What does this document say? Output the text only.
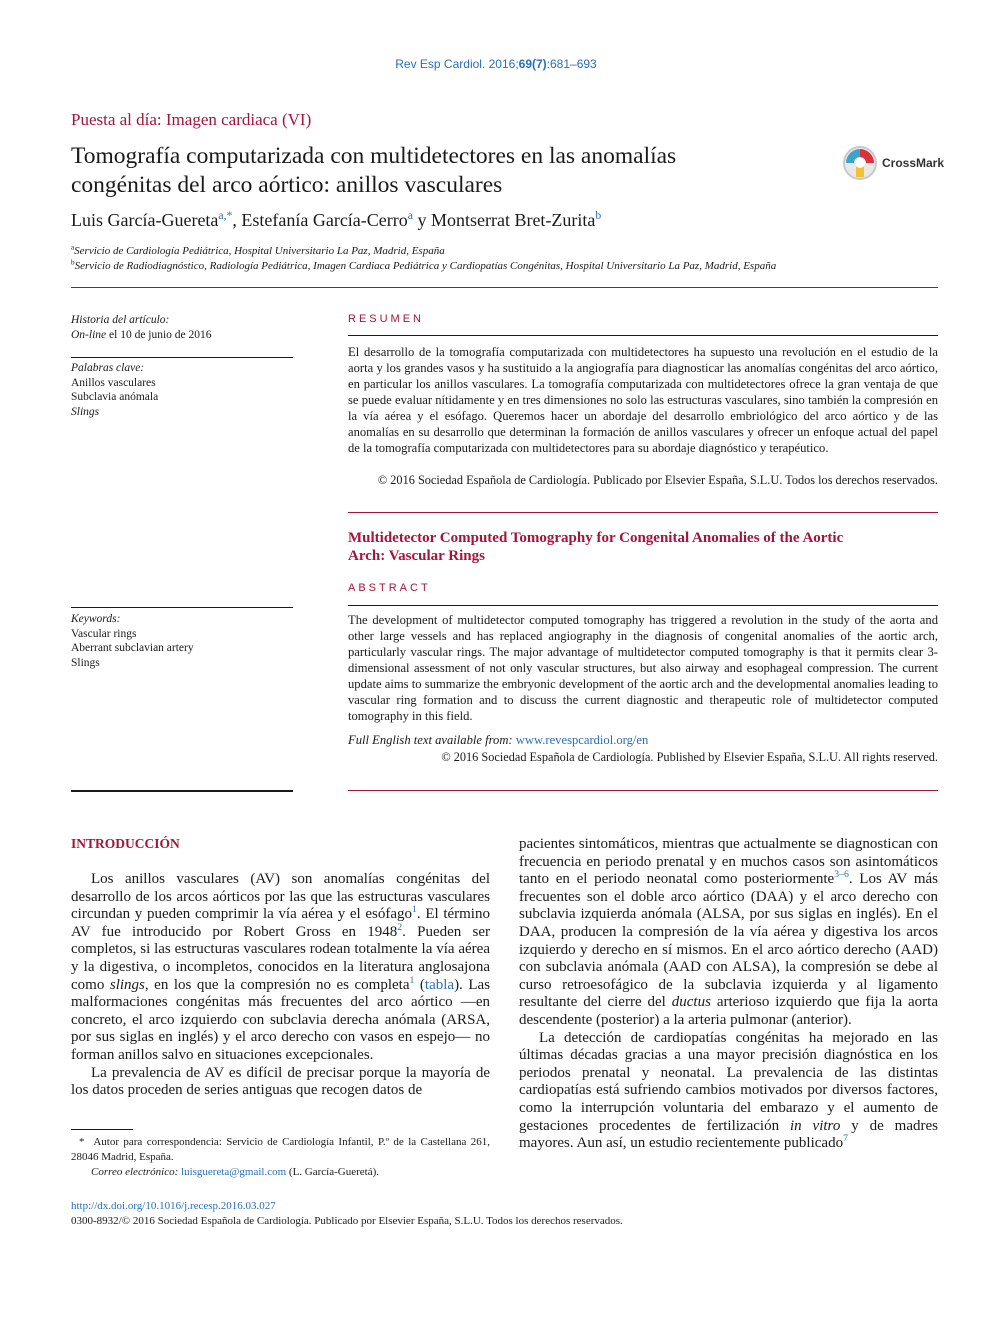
Rev Esp Cardiol. 2016;69(7):681–693
Puesta al día: Imagen cardiaca (VI)
Tomografía computarizada con multidetectores en las anomalías
congénitas del arco aórtico: anillos vasculares
CrossMark
Luis García-Guereta$^{a,*}$, Estefanía García-Cerro$^a$ y Montserrat Bret-Zurita$^b$
$^a$Servicio de Cardiología Pediátrica, Hospital Universitario La Paz, Madrid, España
$^b$Servicio de Radiodiagnóstico, Radiología Pediátrica, Imagen Cardiaca Pediátrica y Cardiopatías Congénitas, Hospital Universitario La Paz, Madrid, España
Historia del artículo:
On-line el 10 de junio de 2016
Palabras clave:
Anillos vasculares
Subclavia anómala
Slings
Keywords:
Vascular rings
Aberrant subclavian artery
Slings
RESUMEN
El desarrollo de la tomografía computarizada con multidetectores ha supuesto una revolución en el estudio de la aorta y los grandes vasos y ha sustituido a la angiografía para diagnosticar las anomalías congénitas del arco aórtico, en particular los anillos vasculares. La tomografía computarizada con multidetectores ofrece la gran ventaja de que se puede evaluar nítidamente y en tres dimensiones no solo las estructuras vasculares, sino también la compresión en la vía aérea y el esófago. Queremos hacer un abordaje del desarrollo embriológico del arco aórtico y de las anomalías en su desarrollo que determinan la formación de anillos vasculares y ofrecer un enfoque actual del papel de la tomografía computarizada con multidetectores para su abordaje diagnóstico y terapéutico.
© 2016 Sociedad Española de Cardiología. Publicado por Elsevier España, S.L.U. Todos los derechos reservados.
Multidetector Computed Tomography for Congenital Anomalies of the Aortic
Arch: Vascular Rings
ABSTRACT
The development of multidetector computed tomography has triggered a revolution in the study of the aorta and other large vessels and has replaced angiography in the diagnosis of congenital anomalies of the aortic arch, particularly vascular rings. The major advantage of multidetector computed tomography is that it permits clear 3-dimensional assessment of not only vascular structures, but also airway and esophageal compression. The current update aims to summarize the embryonic development of the aortic arch and the developmental anomalies leading to vascular ring formation and to discuss the current diagnostic and therapeutic role of multidetector computed tomography in this field.
Full English text available from: www.revespcardiol.org/en
© 2016 Sociedad Española de Cardiología. Published by Elsevier España, S.L.U. All rights reserved.
INTRODUCCIÓN

Los anillos vasculares (AV) son anomalías congénitas del desarrollo de los arcos aórticos por las que las estructuras vasculares circundan y pueden comprimir la vía aérea y el esófago$^1$. El término AV fue introducido por Robert Gross en 1948$^2$. Pueden ser completos, si las estructuras vasculares rodean totalmente la vía aérea y la digestiva, o incompletos, conocidos en la literatura anglosajona como slings, en los que la compresión no es completa$^1$ (tabla). Las malformaciones congénitas más frecuentes del arco aórtico —en concreto, el arco izquierdo con subclavia derecha anómala (ARSA, por sus siglas en inglés) y el arco derecho con vasos en espejo— no forman anillos salvo en situaciones excepcionales.

La prevalencia de AV es difícil de precisar porque la mayoría de los datos proceden de series antiguas que recogen datos de

* Autor para correspondencia: Servicio de Cardiología Infantil, P.º de la Castellana 261, 28046 Madrid, España.
Correo electrónico: luisguereta@gmail.com (L. García-Gueretá).

pacientes sintomáticos, mientras que actualmente se diagnostican con frecuencia en periodo prenatal y en muchos casos son asintomáticos tanto en el periodo neonatal como posteriormente$^{3-6}$. Los AV más frecuentes son el doble arco aórtico (DAA) y el arco derecho con subclavia izquierda anómala (ALSA, por sus siglas en inglés). En el DAA, producen la compresión de la vía aérea y digestiva los arcos izquierdo y derecho en sí mismos. En el arco aórtico derecho (AAD) con subclavia anómala (AAD con ALSA), la compresión se debe al curso retroesofágico de la subclavia izquierda y al ligamento resultante del cierre del ductus arterioso izquierdo que fija la aorta descendente (posterior) a la arteria pulmonar (anterior).

La detección de cardiopatías congénitas ha mejorado en las últimas décadas gracias a una mayor precisión diagnóstica en los periodos prenatal y neonatal. La prevalencia de las distintas cardiopatías está sufriendo cambios motivados por diversos factores, como la interrupción voluntaria del embarazo y el aumento de gestaciones procedentes de fertilización in vitro y de madres mayores. Aun así, un estudio recientemente publicado$^7$

http://dx.doi.org/10.1016/j.recesp.2016.03.027
0300-8932/© 2016 Sociedad Española de Cardiología. Publicado por Elsevier España, S.L.U. Todos los derechos reservados.
